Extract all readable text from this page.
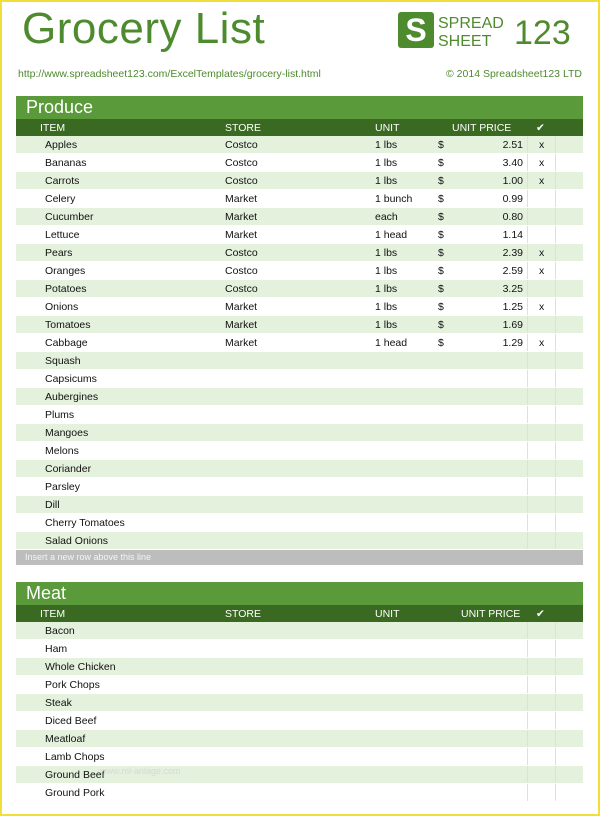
Grocery List	S SPREAD
SHEET 123
http://www.spreadsheet123.com/ExcelTemplates/grocery-list.html	© 2014 Spreadsheet123 LTD
Produce
ITEM	STORE	UNIT	UNIT PRICE ✔
Apples	Costco	1 lbs	$	2.51 x
Bananas	Costco	1 lbs	$	3.40 x
Carrots	Costco	1 lbs	$	1.00 x
Celery	Market	1 bunch $	0.99
Cucumber	Market	each	$	0.80
Lettuce	Market	1 head	$	1.14
Pears	Costco	1 lbs	$	2.39 x
Oranges	Costco	1 lbs	$	2.59 x
Potatoes	Costco	1 lbs	$	3.25
Onions	Market	1 lbs	$	1.25 x
Tomatoes	Market	1 lbs	$	1.69
Cabbage	Market	1 head	$	1.29 x
Squash
Capsicums
Aubergines
Plums
Mangoes
Melons
Coriander
Parsley
Dill
Cherry Tomatoes
Salad Onions
Insert a new row above this line
Meat
ITEM	STORE	UNIT	UNIT PRICE ✔
Bacon
Ham
Whole Chicken
Pork Chops
Steak
Diced Beef
Meatloaf
Lamb Chops
Ground Beef
Ground Pork
www.ml-anlage.com
